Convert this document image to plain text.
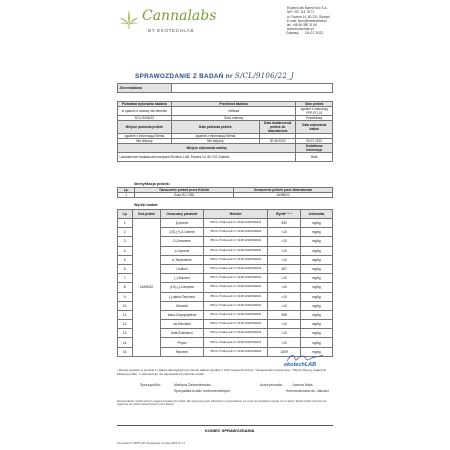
Cannalabs
BY EKOTECHLAB
Ekotech-lab Marek Kloc S.A.
NIP: 957 114 78 72
ul. Fiszera 14, 80-231 Gdańsk
E-mail: biuro@ekotechlab.pl
tel: +48 58 380 31 60
www.ekotechlab.pl
Gdańsk,      05.07.2022
SPRAWOZDANIE Z BADAŃ nr S/CL/9106/22_J
Zleceniodawca			

Podstawa wykonania badania	Przedmiot badania		Stan próbek
w oparciu o umowę lub zlecenie	melissa		zgodne z instrukcją FFP-PO-02
S/CL/9106/22	Susz roślinny		Prawidłowy
Miejsce pobrania próbek	Data pobrania próbek	Data dostarczenia próbek do laboratorium	Data wykonania badań
zgodnie z informacją Klienta	zgodnie z informacją Klienta		
Nie dotyczy	Nie dotyczy	30.06.2022	05.07.2022
Miejsce wykonania analizy			Dodatkowe informacje
Laboratorium badawcze/rozwojowe Ekotech-LAB, Fiszera 14, 80-231 Gdańsk			Brak
Identyfikacja próbek:
Lp.	Oznaczenie próbek przez Klienta	Oznaczenie próbek przez laboratorium
1	Susz RC-CBD	16496/22
Wyniki badań:
Lp.	Kod próbki	Oznaczany parametr	Metoda¹	Wynik²⁻³⁻⁴	Jednostka
1.	16496/22	β-pinene	PB-CL-TOHH-wyd.3 z 30.06.2020/0090NA	533	mg/kg
2.		(1S)-(+)-3-Carene	PB-CL-TOHH-wyd.3 z 30.06.2020/0090NA	<10	mg/kg
3.		D-Limonene	PB-CL-TOHH-wyd.3 z 30.06.2020/0090NA	<10	mg/kg
4.		p-Cymene	PB-CL-TOHH-wyd.3 z 30.06.2020/0090NA	<10	mg/kg
5.		α-Terpinolene	PB-CL-TOHH-wyd.3 z 30.06.2020/0090NA	<10	mg/kg
6.		Linalool	PB-CL-TOHH-wyd.3 z 30.06.2020/0090NA	467	mg/kg
7.		(-)-Borneol	PB-CL-TOHH-wyd.3 z 30.06.2020/0090NA	<10	mg/kg
8.		(1S)-(-)-Camphor	PB-CL-TOHH-wyd.3 z 30.06.2020/0090NA	<10	mg/kg
9.		(-)-alpha-Terpineol	PB-CL-TOHH-wyd.3 z 30.06.2020/0090NA	<10	mg/kg
10.		Geraniol	PB-CL-TOHH-wyd.3 z 30.06.2020/0090NA	<10	mg/kg
11.		trans-Caryophyllene	PB-CL-TOHH-wyd.3 z 30.06.2020/0090NA	958	mg/kg
12.		cis-Nerolidol	PB-CL-TOHH-wyd.3 z 30.06.2020/0090NA	<10	mg/kg
13.		beta-Eudesmol	PB-CL-TOHH-wyd.3 z 30.06.2020/0090NA	<10	mg/kg
14.		Phytol	PB-CL-TOHH-wyd.3 z 30.06.2020/0090NA	<10	mg/kg
15.		Myrcene	PB-CL-TOHH-wyd.3 z 30.06.2020/0090NA	2409	mg/kg
¹ Metody opisane w punkcie 1 (zakres akredytacji) lub metody własne zgodnie z informacją techniczną. ² Niepewność rozszerzona. ³ Wynik dotyczy wyłącznie badanej próbki. ⁴ Laboratorium nie odpowiada za pobranie próbki.
ekotechLAB
Sporządził/a:	Martyna Zalewniewska
Specjalista Analiz Instrumentalnych
Autoryzowała:	Joanna Wals
Kierownik/czka ds. Jakości
Sprawozdanie z badań dotyczy wyłącznie badanych próbek. Bez pisemnej zgody laboratorium sprawozdanie nie może być powielane inaczej niż w całości. Wyniki badań odnoszą się wyłącznie do próbek dostarczonych przez Klienta.
KONIEC SPRAWOZDANIA
Formularz F-SDPO-02 Obowiązuje od dnia 2021.07.17
